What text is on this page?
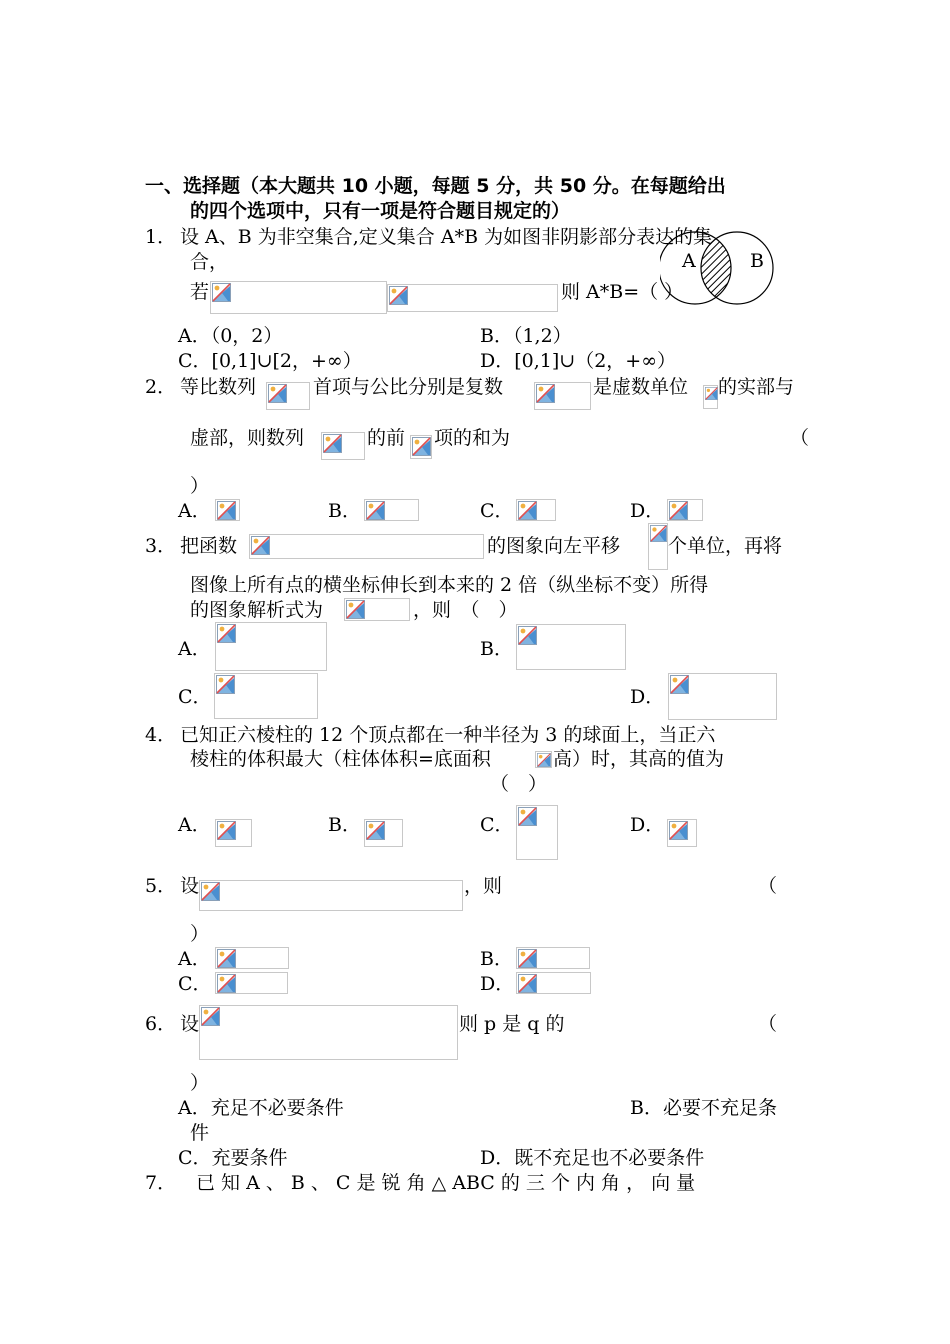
一、选择题（本大题共 10 小题，每题 5 分，共 50 分。在每题给出
的四个选项中，只有一项是符合题目规定的）
1． 设 A、B 为非空集合,定义集合 A*B 为如图非阴影部分表达的集
合，
若	则 A*B=（ ）
A	B
A．（0，2）	B．（1,2）
C．[0,1]∪[2，+∞）	D．[0,1]∪（2，+∞）
2． 等比数列	首项与公比分别是复数	是虚数单位 的实部与
虚部，则数列	的前 项的和为	（
）
A．	B．	C．	D．
3． 把函数	的图象向左平移	个单位，再将
图像上所有点的横坐标伸长到本来的 2 倍（纵坐标不变）所得
的图象解析式为	，则　（　）
A．	B．
C．	D．
4． 已知正六棱柱的 12 个顶点都在一种半径为 3 的球面上，当正六
棱柱的体积最大（柱体体积=底面积	高）时，其高的值为
（　）
A．	B．	C．	D．
5． 设	，则	（
）
A．	B．
C．	D．
6． 设	则 p 是 q 的	（
）
A．充足不必要条件	B．必要不充足条
件
C．充要条件	D．既不充足也不必要条件
7． 已 知 A 、 B 、 C 是 锐 角 △ ABC 的 三 个 内 角 ， 向 量
